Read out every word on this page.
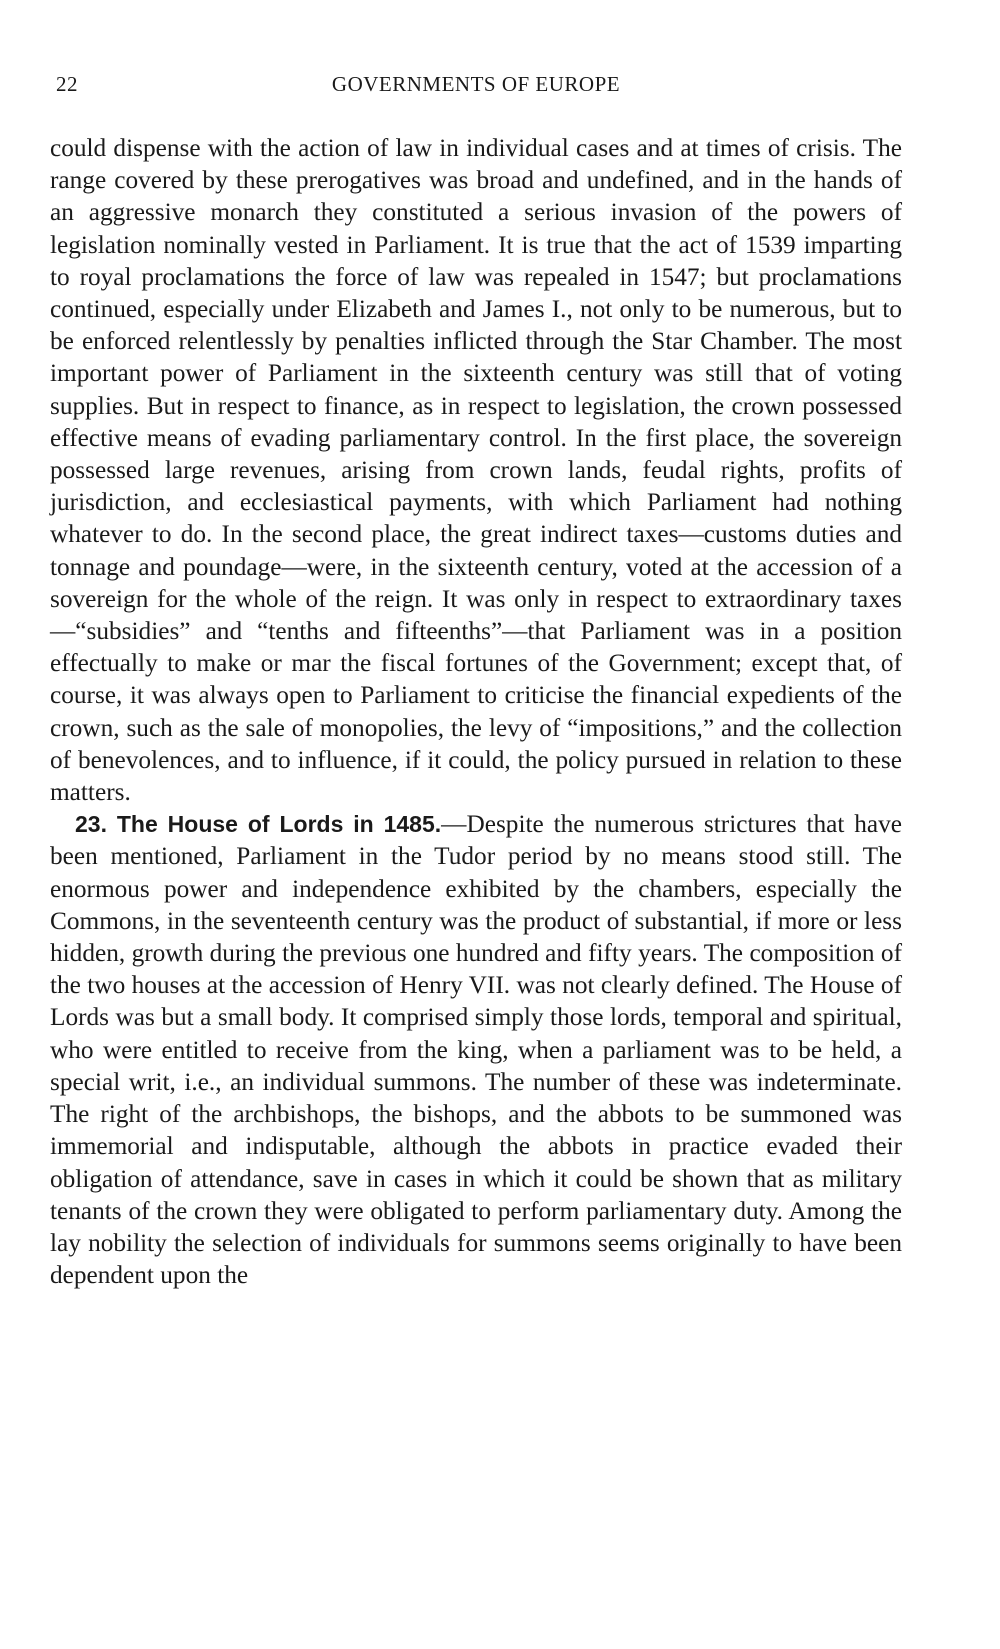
22	GOVERNMENTS OF EUROPE

could dispense with the action of law in individual cases and at times of crisis. The range covered by these prerogatives was broad and undefined, and in the hands of an aggressive monarch they constituted a serious invasion of the powers of legislation nominally vested in Parliament. It is true that the act of 1539 imparting to royal proclamations the force of law was repealed in 1547; but proclamations continued, especially under Elizabeth and James I., not only to be numerous, but to be enforced relentlessly by penalties inflicted through the Star Chamber. The most important power of Parliament in the sixteenth century was still that of voting supplies. But in respect to finance, as in respect to legislation, the crown possessed effective means of evading parliamentary control. In the first place, the sovereign possessed large revenues, arising from crown lands, feudal rights, profits of jurisdiction, and ecclesiastical payments, with which Parliament had nothing whatever to do. In the second place, the great indirect taxes—customs duties and tonnage and poundage—were, in the sixteenth century, voted at the accession of a sovereign for the whole of the reign. It was only in respect to extraordinary taxes—“subsidies” and “tenths and fifteenths”—that Parliament was in a position effectually to make or mar the fiscal fortunes of the Government; except that, of course, it was always open to Parliament to criticise the financial expedients of the crown, such as the sale of monopolies, the levy of “impositions,” and the collection of benevolences, and to influence, if it could, the policy pursued in relation to these matters.

23. The House of Lords in 1485.—Despite the numerous strictures that have been mentioned, Parliament in the Tudor period by no means stood still. The enormous power and independence exhibited by the chambers, especially the Commons, in the seventeenth century was the product of substantial, if more or less hidden, growth during the previous one hundred and fifty years. The composition of the two houses at the accession of Henry VII. was not clearly defined. The House of Lords was but a small body. It comprised simply those lords, temporal and spiritual, who were entitled to receive from the king, when a parliament was to be held, a special writ, i.e., an individual summons. The number of these was indeterminate. The right of the archbishops, the bishops, and the abbots to be summoned was immemorial and indisputable, although the abbots in practice evaded their obligation of attendance, save in cases in which it could be shown that as military tenants of the crown they were obligated to perform parliamentary duty. Among the lay nobility the selection of individuals for summons seems originally to have been dependent upon the
